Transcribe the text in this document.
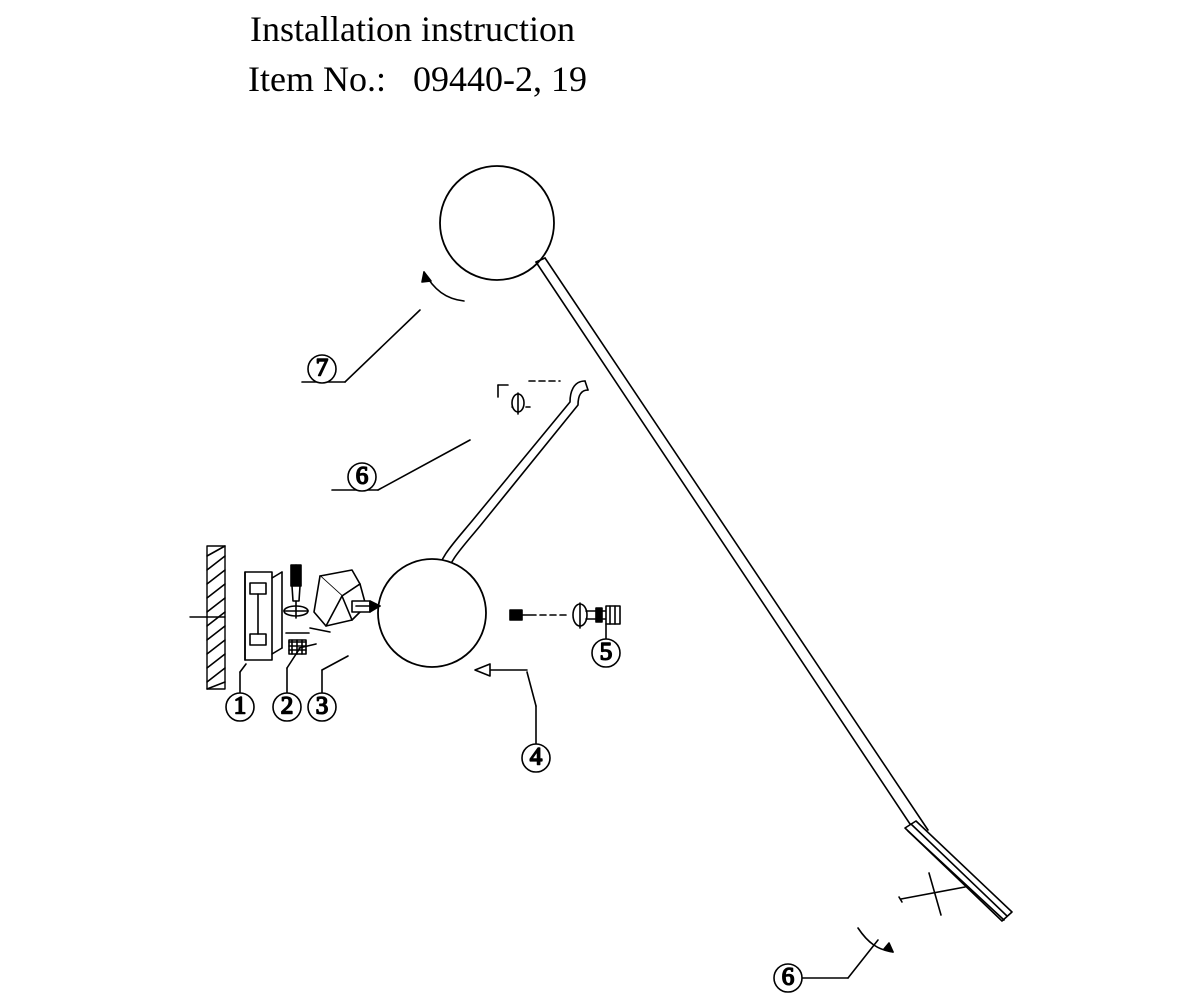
Installation instruction
Item No.: 09440-2, 19
6
7
6
1 2 3
4
5
